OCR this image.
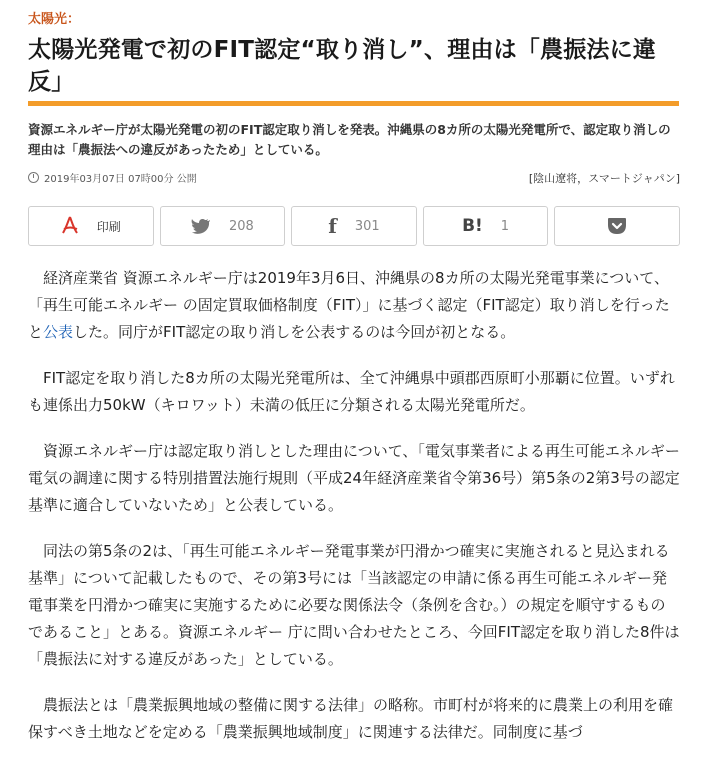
太陽光：
太陽光発電で初のFIT認定“取り消し”、理由は「農振法に違反」
資源エネルギー庁が太陽光発電の初のFIT認定取り消しを発表。沖縄県の8カ所の太陽光発電所で、認定取り消しの理由は「農振法への違反があったため」としている。
2019年03月07日 07時00分 公開	[陰山遼将，スマートジャパン]
印刷	208	f 301	B! 1

経済産業省 資源エネルギー庁は2019年3月6日、沖縄県の8カ所の太陽光発電事業について、「再生可能エネルギー の固定買取価格制度（FIT）」に基づく認定（FIT認定）取り消しを行ったと公表した。同庁がFIT認定の取り消しを公表するのは今回が初となる。

FIT認定を取り消した8カ所の太陽光発電所は、全て沖縄県中頭郡西原町小那覇に位置。いずれも連係出力50kW（キロワット）未満の低圧に分類される太陽光発電所だ。

資源エネルギー庁は認定取り消しとした理由について、「電気事業者による再生可能エネルギー電気の調達に関する特別措置法施行規則（平成24年経済産業省令第36号）第5条の2第3号の認定基準に適合していないため」と公表している。

同法の第5条の2は、「再生可能エネルギー発電事業が円滑かつ確実に実施されると見込まれる基準」について記載したもので、その第3号には「当該認定の申請に係る再生可能エネルギー発電事業を円滑かつ確実に実施するために必要な関係法令（条例を含む。）の規定を順守するものであること」とある。資源エネルギー 庁に問い合わせたところ、今回FIT認定を取り消した8件は「農振法に対する違反があった」としている。

農振法とは「農業振興地域の整備に関する法律」の略称。市町村が将来的に農業上の利用を確保すべき土地などを定める「農業振興地域制度」に関連する法律だ。同制度に基づ
